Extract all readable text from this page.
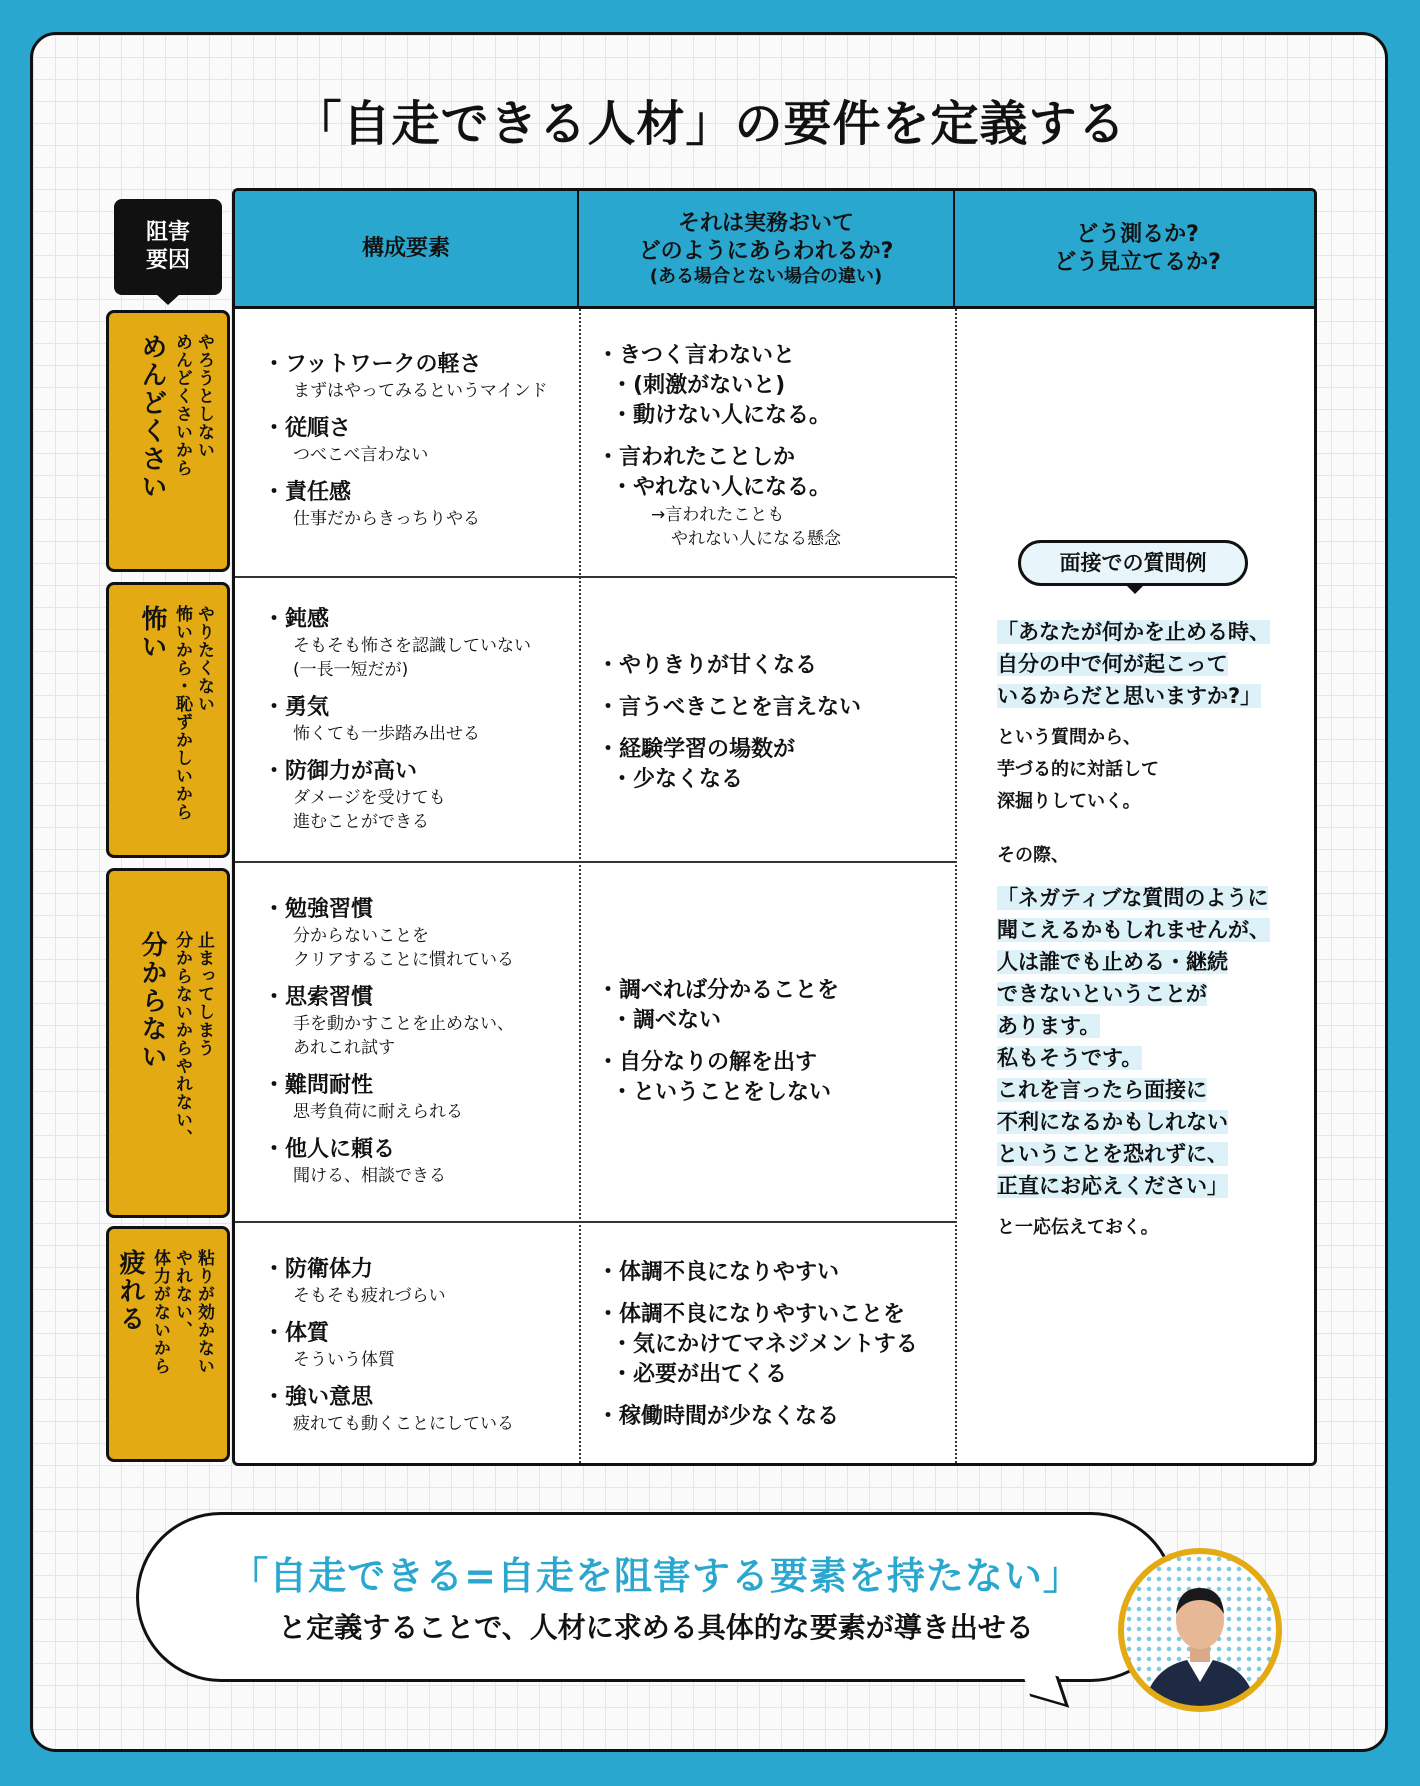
「自走できる人材」の要件を定義する
阻害
要因	構成要素
それは実務おいて
どのようにあらわれるか?
(ある場合とない場合の違い)
どう測るか?
どう見立てるか?
・ フットワークの軽さ
まずはやってみるというマインド
・ 従順さ
つべこべ言わない
・ 責任感
仕事だからきっちりやる
・ きつく言わないと
・ (刺激がないと)
・ 動けない人になる。
・ 言われたことしか
・ やれない人になる。
→言われたことも
やれない人になる懸念
・ 鈍感
そもそも怖さを認識していない
(一長一短だが)
・ 勇気
怖くても一歩踏み出せる
・ 防御力が高い
ダメージを受けても
進むことができる
・ やりきりが甘くなる
・ 言うべきことを言えない
・ 経験学習の場数が
・ 少なくなる
・ 勉強習慣
分からないことを
クリアすることに慣れている
・ 思索習慣
手を動かすことを止めない、
あれこれ試す
・ 難問耐性
思考負荷に耐えられる
・ 他人に頼る
聞ける、相談できる
・ 調べれば分かることを
・ 調べない
・ 自分なりの解を出す
・ ということをしない
・ 防衛体力
そもそも疲れづらい
・ 体質
そういう体質
・ 強い意思
疲れても動くことにしている
・ 体調不良になりやすい
・ 体調不良になりやすいことを
・ 気にかけてマネジメントする
・ 必要が出てくる
・ 稼働時間が少なくなる
めんどくさい めんどくさいから やろうとしない
怖い 怖いから・恥ずかしいから やりたくない
分からない 分からないからやれない、 止まってしまう
疲れる 体力がないから やれない、 粘りが効かない
面接での質問例
「あなたが何かを止める時、
自分の中で何が起こって
いるからだと思いますか?」
という質問から、
芋づる的に対話して
深掘りしていく。
その際、
「ネガティブな質問のように
聞こえるかもしれませんが、
人は誰でも止める・継続
できないということが
あります。
私もそうです。
これを言ったら面接に
不利になるかもしれない
ということを恐れずに、
正直にお応えください」
と一応伝えておく。
「自走できる=自走を阻害する要素を持たない」
と定義することで、人材に求める具体的な要素が導き出せる
